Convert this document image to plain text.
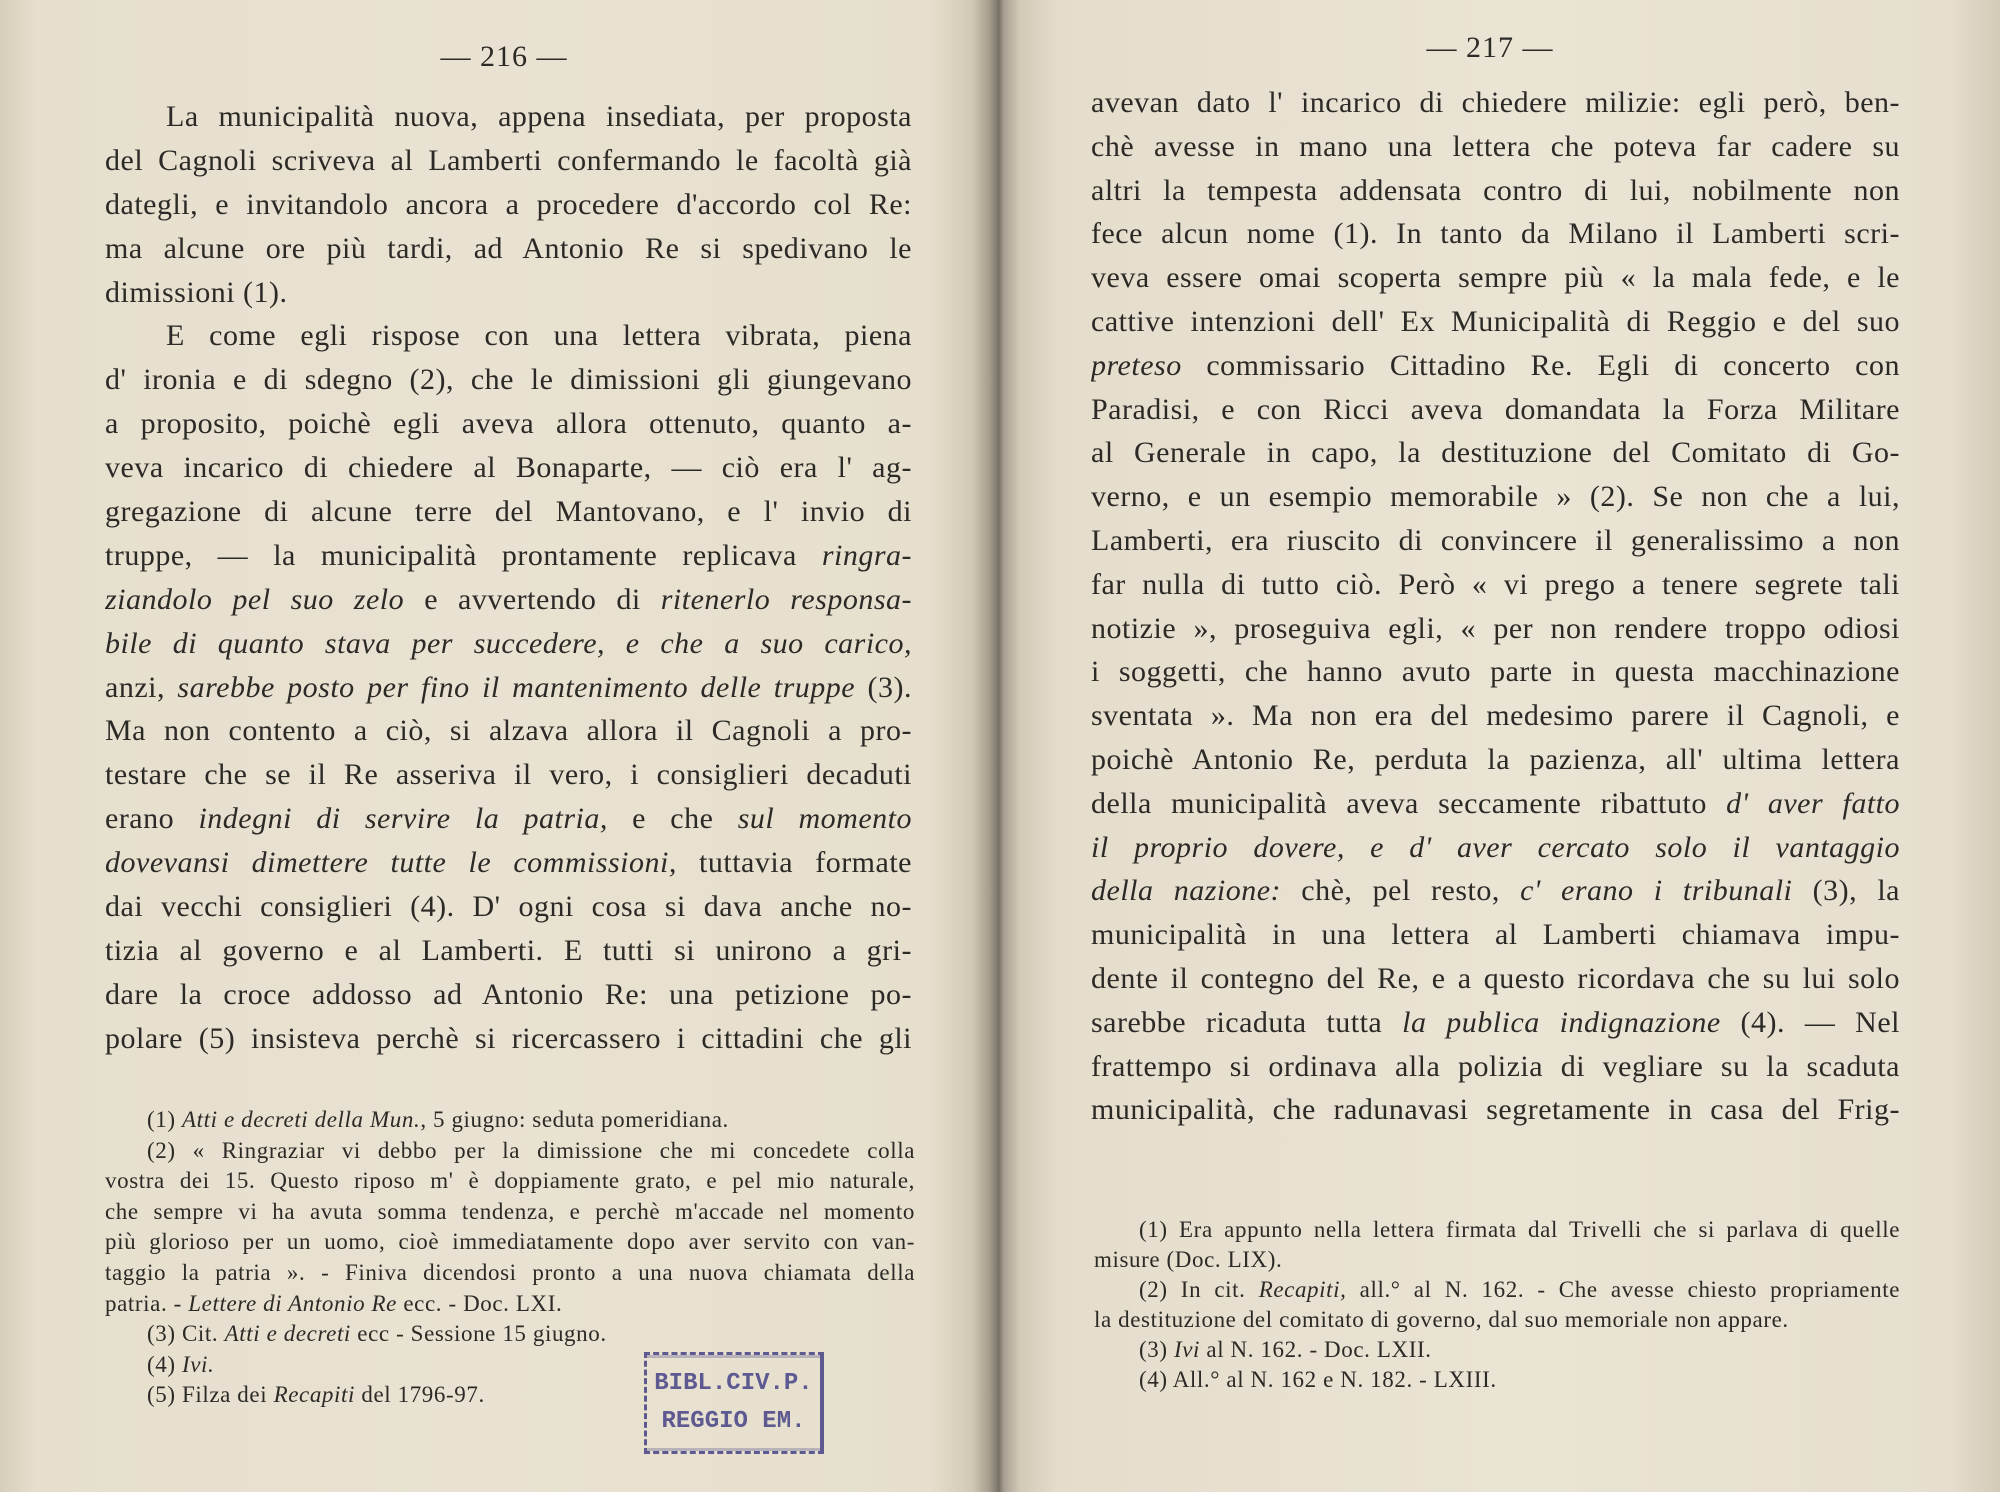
— 216 —
La municipalità nuova, appena insediata, per proposta
del Cagnoli scriveva al Lamberti confermando le facoltà già
dategli, e invitandolo ancora a procedere d'accordo col Re:
ma alcune ore più tardi, ad Antonio Re si spedivano le
dimissioni (1).
E come egli rispose con una lettera vibrata, piena
d' ironia e di sdegno (2), che le dimissioni gli giungevano
a proposito, poichè egli aveva allora ottenuto, quanto a-
veva incarico di chiedere al Bonaparte, — ciò era l' ag-
gregazione di alcune terre del Mantovano, e l' invio di
truppe, — la municipalità prontamente replicava ringra-
ziandolo pel suo zelo e avvertendo di ritenerlo responsa-
bile di quanto stava per succedere, e che a suo carico,
anzi, sarebbe posto per fino il mantenimento delle truppe (3).
Ma non contento a ciò, si alzava allora il Cagnoli a pro-
testare che se il Re asseriva il vero, i consiglieri decaduti
erano indegni di servire la patria, e che sul momento
dovevansi dimettere tutte le commissioni, tuttavia formate
dai vecchi consiglieri (4). D' ogni cosa si dava anche no-
tizia al governo e al Lamberti. E tutti si unirono a gri-
dare la croce addosso ad Antonio Re: una petizione po-
polare (5) insisteva perchè si ricercassero i cittadini che gli
(1) Atti e decreti della Mun., 5 giugno: seduta pomeridiana.
(2) « Ringraziar vi debbo per la dimissione che mi concedete colla
vostra dei 15. Questo riposo m' è doppiamente grato, e pel mio naturale,
che sempre vi ha avuta somma tendenza, e perchè m'accade nel momento
più glorioso per un uomo, cioè immediatamente dopo aver servito con van-
taggio la patria ». - Finiva dicendosi pronto a una nuova chiamata della
patria. - Lettere di Antonio Re ecc. - Doc. LXI.
(3) Cit. Atti e decreti ecc - Sessione 15 giugno.
(4) Ivi.
(5) Filza dei Recapiti del 1796-97.	BIBL.CIV.P.
REGGIO EM.
— 217 —
avevan dato l' incarico di chiedere milizie: egli però, ben-
chè avesse in mano una lettera che poteva far cadere su
altri la tempesta addensata contro di lui, nobilmente non
fece alcun nome (1). In tanto da Milano il Lamberti scri-
veva essere omai scoperta sempre più « la mala fede, e le
cattive intenzioni dell' Ex Municipalità di Reggio e del suo
preteso commissario Cittadino Re. Egli di concerto con
Paradisi, e con Ricci aveva domandata la Forza Militare
al Generale in capo, la destituzione del Comitato di Go-
verno, e un esempio memorabile » (2). Se non che a lui,
Lamberti, era riuscito di convincere il generalissimo a non
far nulla di tutto ciò. Però « vi prego a tenere segrete tali
notizie », proseguiva egli, « per non rendere troppo odiosi
i soggetti, che hanno avuto parte in questa macchinazione
sventata ». Ma non era del medesimo parere il Cagnoli, e
poichè Antonio Re, perduta la pazienza, all' ultima lettera
della municipalità aveva seccamente ribattuto d' aver fatto
il proprio dovere, e d' aver cercato solo il vantaggio
della nazione: chè, pel resto, c' erano i tribunali (3), la
municipalità in una lettera al Lamberti chiamava impu-
dente il contegno del Re, e a questo ricordava che su lui solo
sarebbe ricaduta tutta la publica indignazione (4). — Nel
frattempo si ordinava alla polizia di vegliare su la scaduta
municipalità, che radunavasi segretamente in casa del Frig-
(1) Era appunto nella lettera firmata dal Trivelli che si parlava di quelle
misure (Doc. LIX).
(2) In cit. Recapiti, all.° al N. 162. - Che avesse chiesto propriamente
la destituzione del comitato di governo, dal suo memoriale non appare.
(3) Ivi al N. 162. - Doc. LXII.
(4) All.° al N. 162 e N. 182. - LXIII.
